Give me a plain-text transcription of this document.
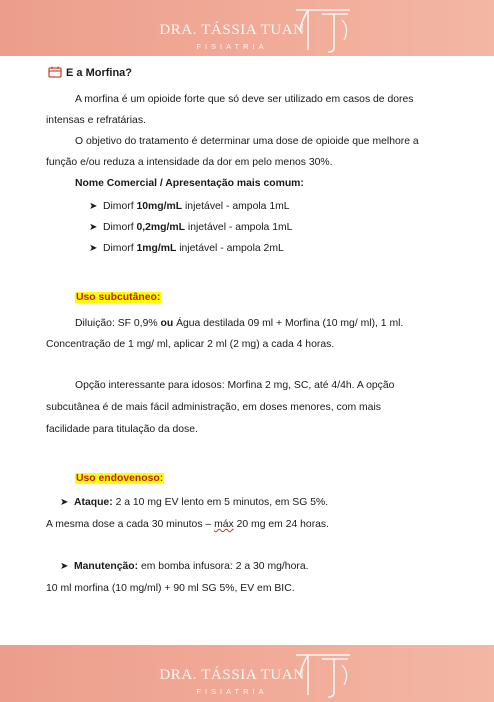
DRA. TÁSSIA TUAN
FISIATRIA
E a Morfina?
A morfina é um opioide forte que só deve ser utilizado em casos de dores
intensas e refratárias.
O objetivo do tratamento é determinar uma dose de opioide que melhore a
função e/ou reduza a intensidade da dor em pelo menos 30%.
Nome Comercial / Apresentação mais comum:
➤ Dimorf 10mg/mL injetável - ampola 1mL
➤ Dimorf 0,2mg/mL injetável - ampola 1mL
➤ Dimorf 1mg/mL injetável - ampola 2mL
Uso subcutâneo:
Diluição: SF 0,9% ou Água destilada 09 ml + Morfina (10 mg/ ml), 1 ml.
Concentração de 1 mg/ ml, aplicar 2 ml (2 mg) a cada 4 horas.
Opção interessante para idosos: Morfina 2 mg, SC, até 4/4h. A opção
subcutânea é de mais fácil administração, em doses menores, com mais
facilidade para titulação da dose.
Uso endovenoso:
➤ Ataque: 2 a 10 mg EV lento em 5 minutos, em SG 5%.
A mesma dose a cada 30 minutos – máx 20 mg em 24 horas.
➤ Manutenção: em bomba infusora: 2 a 30 mg/hora.
10 ml morfina (10 mg/ml) + 90 ml SG 5%, EV em BIC.
DRA. TÁSSIA TUAN
FISIATRIA
